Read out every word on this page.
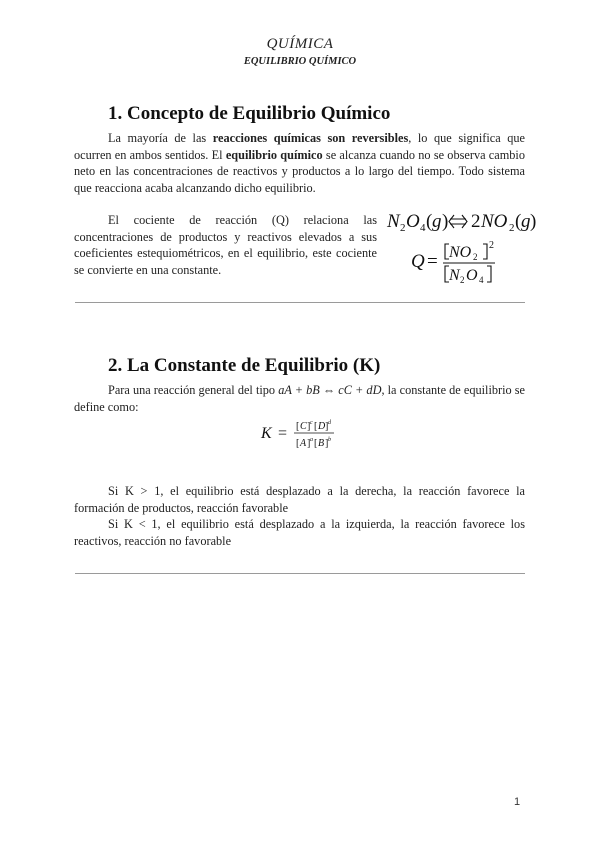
QUÍMICA
EQUILIBRIO QUÍMICO
1. Concepto de Equilibrio Químico
La mayoría de las reacciones químicas son reversibles, lo que significa que ocurren en ambos sentidos. El equilibrio químico se alcanza cuando no se observa cambio neto en las concentraciones de reactivos y productos a lo largo del tiempo. Todo sistema que reacciona acaba alcanzando dicho equilibrio.
El cociente de reacción (Q) relaciona las concentraciones de productos y reactivos elevados a sus coeficientes estequiométricos, en el equilibrio, este cociente se convierte en una constante.
N 2 O 4 ( g ) 2 NO 2 ( g )
Q = NO 2
2
N 2 O 4
2. La Constante de Equilibrio (K)
Para una reacción general del tipo aA + bB ⇔ cC + dD, la constante de equilibrio se define como:
K = [ C ] c [ D ] d
[ A ] a [ B ] b
Si K > 1, el equilibrio está desplazado a la derecha, la reacción favorece la formación de productos, reacción favorable
Si K < 1, el equilibrio está desplazado a la izquierda, la reacción favorece los reactivos, reacción no favorable
1
